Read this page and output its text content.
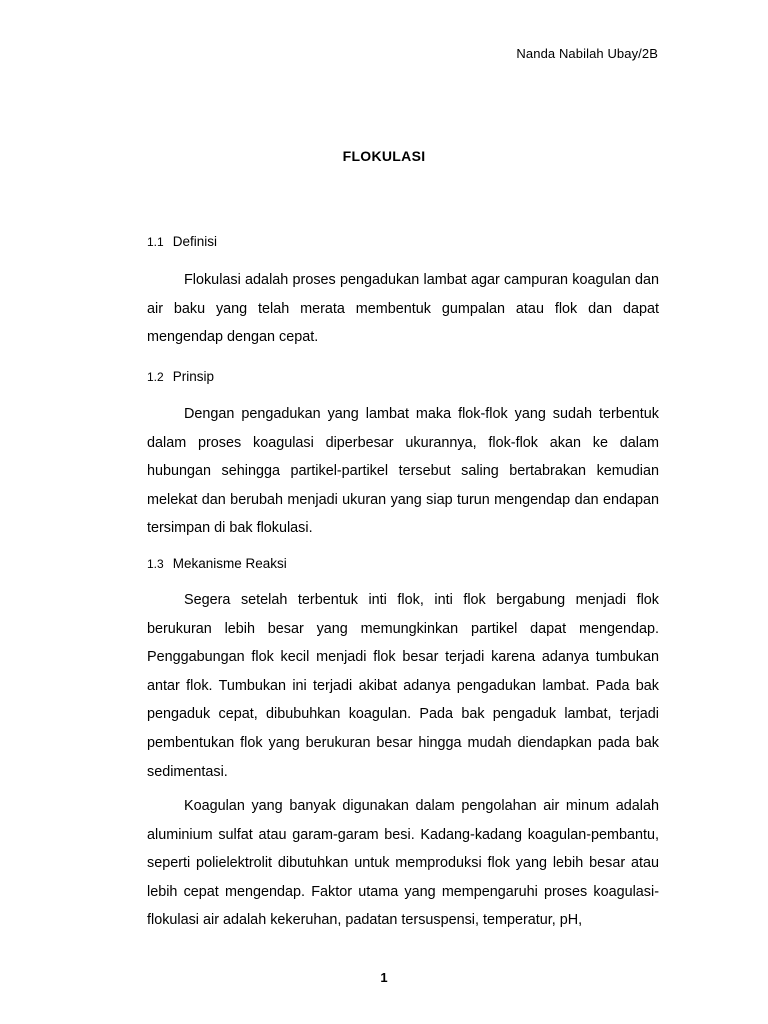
Nanda Nabilah Ubay/2B
FLOKULASI
1.1 Definisi

Flokulasi adalah proses pengadukan lambat agar campuran koagulan dan air baku yang telah merata membentuk gumpalan atau flok dan dapat mengendap dengan cepat.

1.2 Prinsip

Dengan pengadukan yang lambat maka flok-flok yang sudah terbentuk dalam proses koagulasi diperbesar ukurannya, flok-flok akan ke dalam hubungan sehingga partikel-partikel tersebut saling bertabrakan kemudian melekat dan berubah menjadi ukuran yang siap turun mengendap dan endapan tersimpan di bak flokulasi.

1.3 Mekanisme Reaksi

Segera setelah terbentuk inti flok, inti flok bergabung menjadi flok berukuran lebih besar yang memungkinkan partikel dapat mengendap. Penggabungan flok kecil menjadi flok besar terjadi karena adanya tumbukan antar flok. Tumbukan ini terjadi akibat adanya pengadukan lambat. Pada bak pengaduk cepat, dibubuhkan koagulan. Pada bak pengaduk lambat, terjadi pembentukan flok yang berukuran besar hingga mudah diendapkan pada bak sedimentasi.

Koagulan yang banyak digunakan dalam pengolahan air minum adalah aluminium sulfat atau garam-garam besi. Kadang-kadang koagulan-pembantu, seperti polielektrolit dibutuhkan untuk memproduksi flok yang lebih besar atau lebih cepat mengendap. Faktor utama yang mempengaruhi proses koagulasi-flokulasi air adalah kekeruhan, padatan tersuspensi, temperatur, pH,

1
